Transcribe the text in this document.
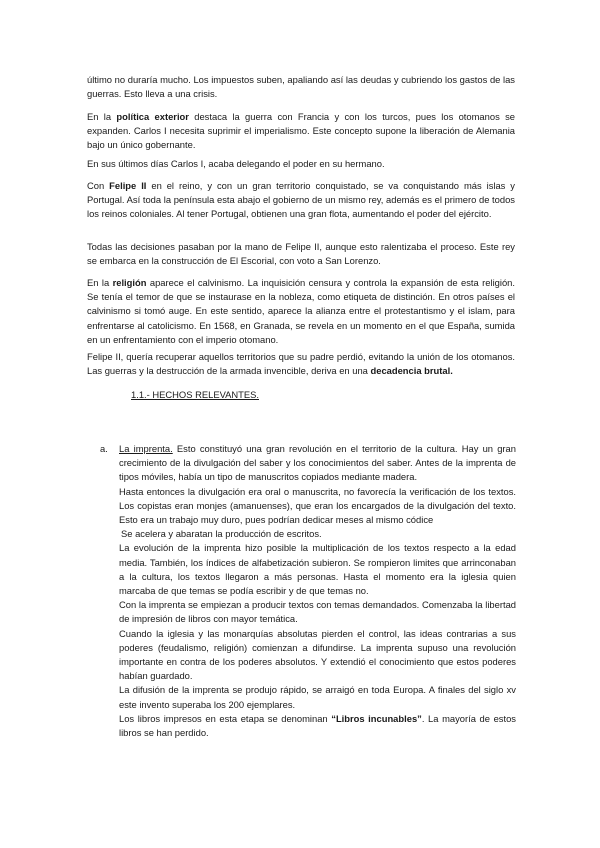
último no duraría mucho. Los impuestos suben, apaliando así las deudas y cubriendo los gastos de las guerras. Esto lleva a una crisis.

En la política exterior destaca la guerra con Francia y con los turcos, pues los otomanos se expanden. Carlos I necesita suprimir el imperialismo. Este concepto supone la liberación de Alemania bajo un único gobernante.

En sus últimos días Carlos I, acaba delegando el poder en su hermano.

Con Felipe II en el reino, y con un gran territorio conquistado, se va conquistando más islas y Portugal. Así toda la península esta abajo el gobierno de un mismo rey, además es el primero de todos los reinos coloniales. Al tener Portugal, obtienen una gran flota, aumentando el poder del ejército.

Todas las decisiones pasaban por la mano de Felipe II, aunque esto ralentizaba el proceso. Este rey se embarca en la construcción de El Escorial, con voto a San Lorenzo.

En la religión aparece el calvinismo. La inquisición censura y controla la expansión de esta religión. Se tenía el temor de que se instaurase en la nobleza, como etiqueta de distinción. En otros países el calvinismo si tomó auge. En este sentido, aparece la alianza entre el protestantismo y el islam, para enfrentarse al catolicismo. En 1568, en Granada, se revela en un momento en el que España, sumida en un enfrentamiento con el imperio otomano.

Felipe II, quería recuperar aquellos territorios que su padre perdió, evitando la unión de los otomanos. Las guerras y la destrucción de la armada invencible, deriva en una decadencia brutal.

1.1.- HECHOS RELEVANTES.

a. La imprenta. Esto constituyó una gran revolución en el territorio de la cultura. Hay un gran crecimiento de la divulgación del saber y los conocimientos del saber. Antes de la imprenta de tipos móviles, había un tipo de manuscritos copiados mediante madera.

Hasta entonces la divulgación era oral o manuscrita, no favorecía la verificación de los textos. Los copistas eran monjes (amanuenses), que eran los encargados de la divulgación del texto. Esto era un trabajo muy duro, pues podrían dedicar meses al mismo códice

Se acelera y abaratan la producción de escritos.

La evolución de la imprenta hizo posible la multiplicación de los textos respecto a la edad media. También, los índices de alfabetización subieron. Se rompieron limites que arrinconaban a la cultura, los textos llegaron a más personas. Hasta el momento era la iglesia quien marcaba de que temas se podía escribir y de que temas no.

Con la imprenta se empiezan a producir textos con temas demandados. Comenzaba la libertad de impresión de libros con mayor temática.

Cuando la iglesia y las monarquías absolutas pierden el control, las ideas contrarias a sus poderes (feudalismo, religión) comienzan a difundirse. La imprenta supuso una revolución importante en contra de los poderes absolutos. Y extendió el conocimiento que estos poderes habían guardado.

La difusión de la imprenta se produjo rápido, se arraigó en toda Europa. A finales del siglo xv este invento superaba los 200 ejemplares.

Los libros impresos en esta etapa se denominan “Libros incunables”. La mayoría de estos libros se han perdido.
